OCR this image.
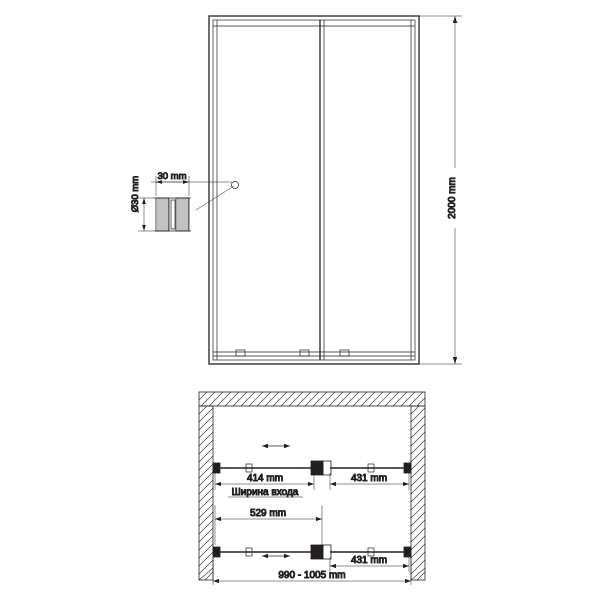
2000 mm
Ø30 mm 30 mm
414 mm
Ширина входа
431 mm
529 mm
431 mm
990 - 1005 mm
